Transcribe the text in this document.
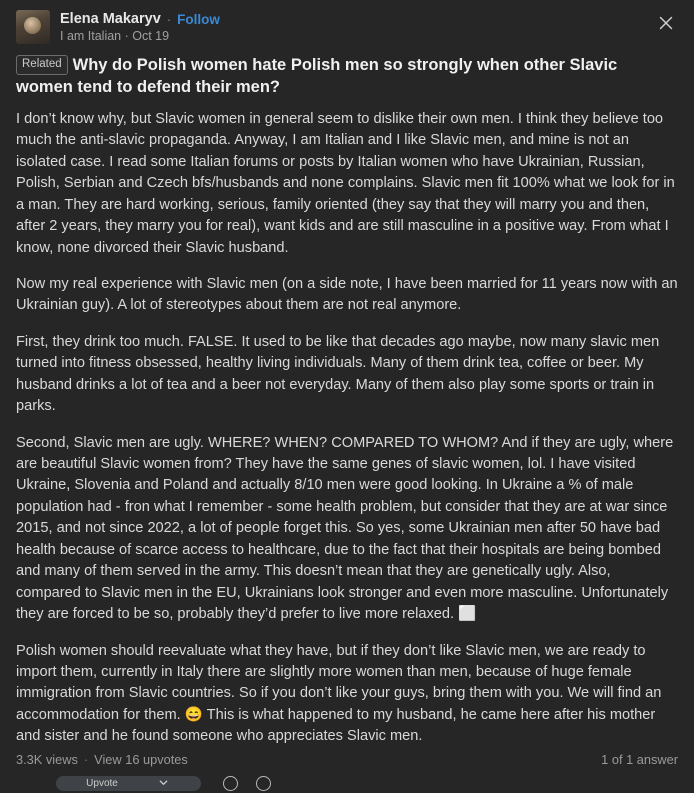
Elena Makaryv · Follow
I am Italian · Oct 19
Related Why do Polish women hate Polish men so strongly when other Slavic women tend to defend their men?

I don’t know why, but Slavic women in general seem to dislike their own men. I think they believe too much the anti-slavic propaganda. Anyway, I am Italian and I like Slavic men, and mine is not an isolated case. I read some Italian forums or posts by Italian women who have Ukrainian, Russian, Polish, Serbian and Czech bfs/husbands and none complains. Slavic men fit 100% what we look for in a man. They are hard working, serious, family oriented (they say that they will marry you and then, after 2 years, they marry you for real), want kids and are still masculine in a positive way. From what I know, none divorced their Slavic husband.

Now my real experience with Slavic men (on a side note, I have been married for 11 years now with an Ukrainian guy). A lot of stereotypes about them are not real anymore.

First, they drink too much. FALSE. It used to be like that decades ago maybe, now many slavic men turned into fitness obsessed, healthy living individuals. Many of them drink tea, coffee or beer. My husband drinks a lot of tea and a beer not everyday. Many of them also play some sports or train in parks.

Second, Slavic men are ugly. WHERE? WHEN? COMPARED TO WHOM? And if they are ugly, where are beautiful Slavic women from? They have the same genes of slavic women, lol. I have visited Ukraine, Slovenia and Poland and actually 8/10 men were good looking. In Ukraine a % of male population had - fron what I remember - some health problem, but consider that they are at war since 2015, and not since 2022, a lot of people forget this. So yes, some Ukrainian men after 50 have bad health because of scarce access to healthcare, due to the fact that their hospitals are being bombed and many of them served in the army. This doesn’t mean that they are genetically ugly. Also, compared to Slavic men in the EU, Ukrainians look stronger and even more masculine. Unfortunately they are forced to be so, probably they’d prefer to live more relaxed. ⬜

Polish women should reevaluate what they have, but if they don’t like Slavic men, we are ready to import them, currently in Italy there are slightly more women than men, because of huge female immigration from Slavic countries. So if you don’t like your guys, bring them with you. We will find an accommodation for them. 😄 This is what happened to my husband, he came here after his mother and sister and he found someone who appreciates Slavic men.

3.3K views · View 16 upvotes	1 of 1 answer
Upvote
